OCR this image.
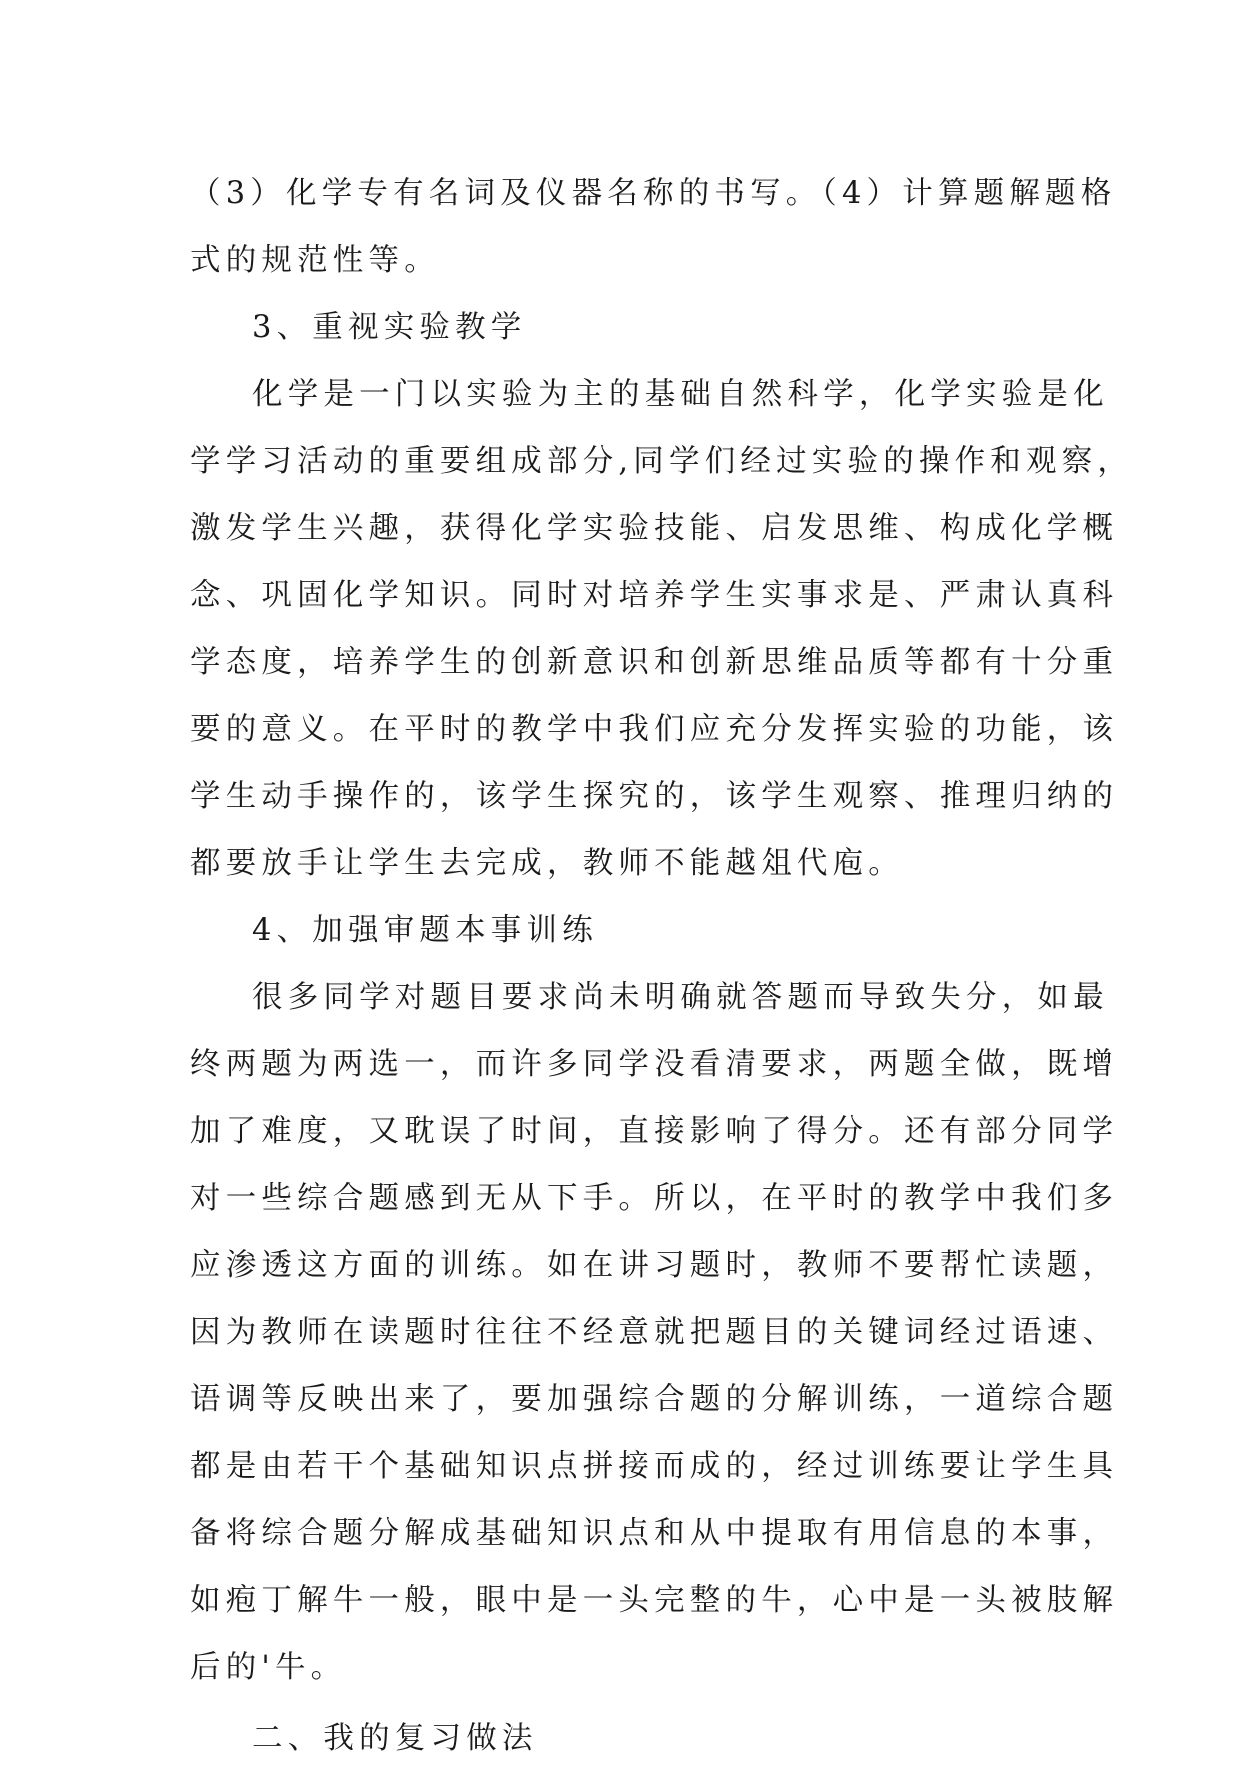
（3）化学专有名词及仪器名称的书写。（4）计算题解题格
式的规范性等。
3、重视实验教学
化学是一门以实验为主的基础自然科学，化学实验是化
学学习活动的重要组成部分,同学们经过实验的操作和观察，
激发学生兴趣，获得化学实验技能、启发思维、构成化学概
念、巩固化学知识。同时对培养学生实事求是、严肃认真科
学态度，培养学生的创新意识和创新思维品质等都有十分重
要的意义。在平时的教学中我们应充分发挥实验的功能，该
学生动手操作的，该学生探究的，该学生观察、推理归纳的
都要放手让学生去完成，教师不能越俎代庖。
4、加强审题本事训练
很多同学对题目要求尚未明确就答题而导致失分，如最
终两题为两选一，而许多同学没看清要求，两题全做，既增
加了难度，又耽误了时间，直接影响了得分。还有部分同学
对一些综合题感到无从下手。所以，在平时的教学中我们多
应渗透这方面的训练。如在讲习题时，教师不要帮忙读题，
因为教师在读题时往往不经意就把题目的关键词经过语速、
语调等反映出来了，要加强综合题的分解训练，一道综合题
都是由若干个基础知识点拼接而成的，经过训练要让学生具
备将综合题分解成基础知识点和从中提取有用信息的本事，
如疱丁解牛一般，眼中是一头完整的牛，心中是一头被肢解
后的'牛。
二、我的复习做法
